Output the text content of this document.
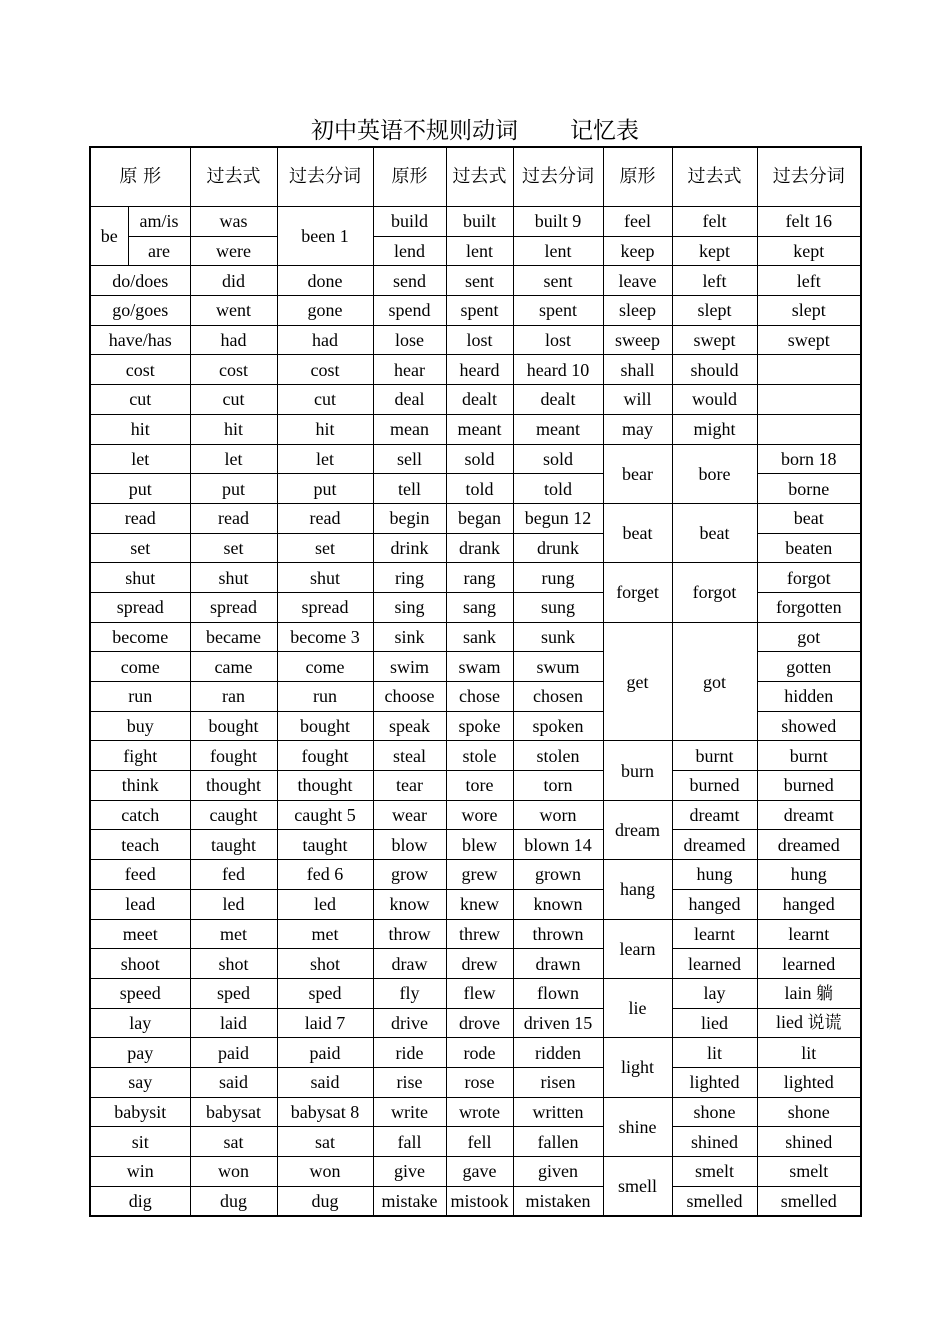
初中英语不规则动词 记忆表
原 形		过去式	过去分词	原形	过去式	过去分词	原形	过去式	过去分词
be	am/is	was	been 1	build	built	built 9	feel	felt	felt 16
	are	were		lend	lent	lent	keep	kept	kept
do/does		did	done	send	sent	sent	leave	left	left
go/goes		went	gone	spend	spent	spent	sleep	slept	slept
have/has		had	had	lose	lost	lost	sweep	swept	swept
cost		cost	cost	hear	heard	heard 10	shall	should	
cut		cut	cut	deal	dealt	dealt	will	would	
hit		hit	hit	mean	meant	meant	may	might	
let		let	let	sell	sold	sold	bear	bore	born 18
put		put	put	tell	told	told			borne
read		read	read	begin	began	begun 12	beat	beat	beat
set		set	set	drink	drank	drunk			beaten
shut		shut	shut	ring	rang	rung	forget	forgot	forgot
spread		spread	spread	sing	sang	sung			forgotten
become		became	become 3	sink	sank	sunk	get	got	got
come		came	come	swim	swam	swum			gotten
run		ran	run	choose	chose	chosen			hidden
buy		bought	bought	speak	spoke	spoken			showed
fight		fought	fought	steal	stole	stolen	burn	burnt	burnt
think		thought	thought	tear	tore	torn		burned	burned
catch		caught	caught 5	wear	wore	worn	dream	dreamt	dreamt
teach		taught	taught	blow	blew	blown 14		dreamed	dreamed
feed		fed	fed 6	grow	grew	grown	hang	hung	hung
lead		led	led	know	knew	known		hanged	hanged
meet		met	met	throw	threw	thrown	learn	learnt	learnt
shoot		shot	shot	draw	drew	drawn		learned	learned
speed		sped	sped	fly	flew	flown	lie	lay	lain 躺
lay		laid	laid 7	drive	drove	driven 15		lied	lied 说谎
pay		paid	paid	ride	rode	ridden	light	lit	lit
say		said	said	rise	rose	risen		lighted	lighted
babysit		babysat	babysat 8	write	wrote	written	shine	shone	shone
sit		sat	sat	fall	fell	fallen		shined	shined
win		won	won	give	gave	given	smell	smelt	smelt
dig		dug	dug	mistake	mistook	mistaken		smelled	smelled
